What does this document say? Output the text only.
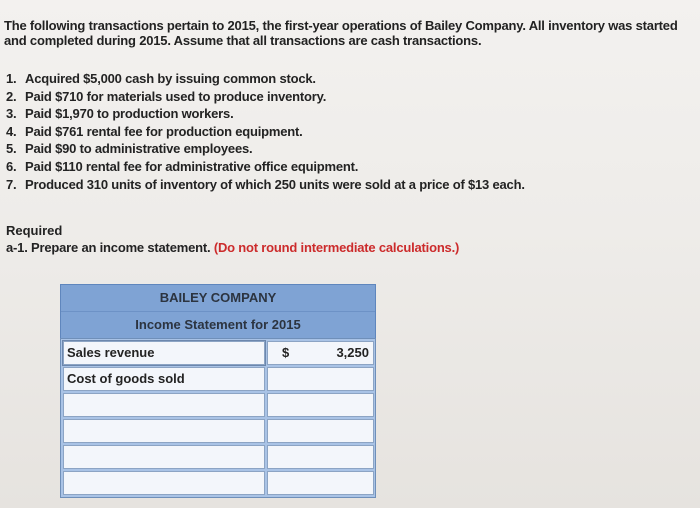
The following transactions pertain to 2015, the first-year operations of Bailey Company. All inventory was started and completed during 2015. Assume that all transactions are cash transactions.

1. Acquired $5,000 cash by issuing common stock.
2. Paid $710 for materials used to produce inventory.
3. Paid $1,970 to production workers.
4. Paid $761 rental fee for production equipment.
5. Paid $90 to administrative employees.
6. Paid $110 rental fee for administrative office equipment.
7. Produced 310 units of inventory of which 250 units were sold at a price of $13 each.

Required

a-1. Prepare an income statement. (Do not round intermediate calculations.)
BAILEY COMPANY
Income Statement for 2015
Sales revenue	$	3,250
Cost of goods sold
